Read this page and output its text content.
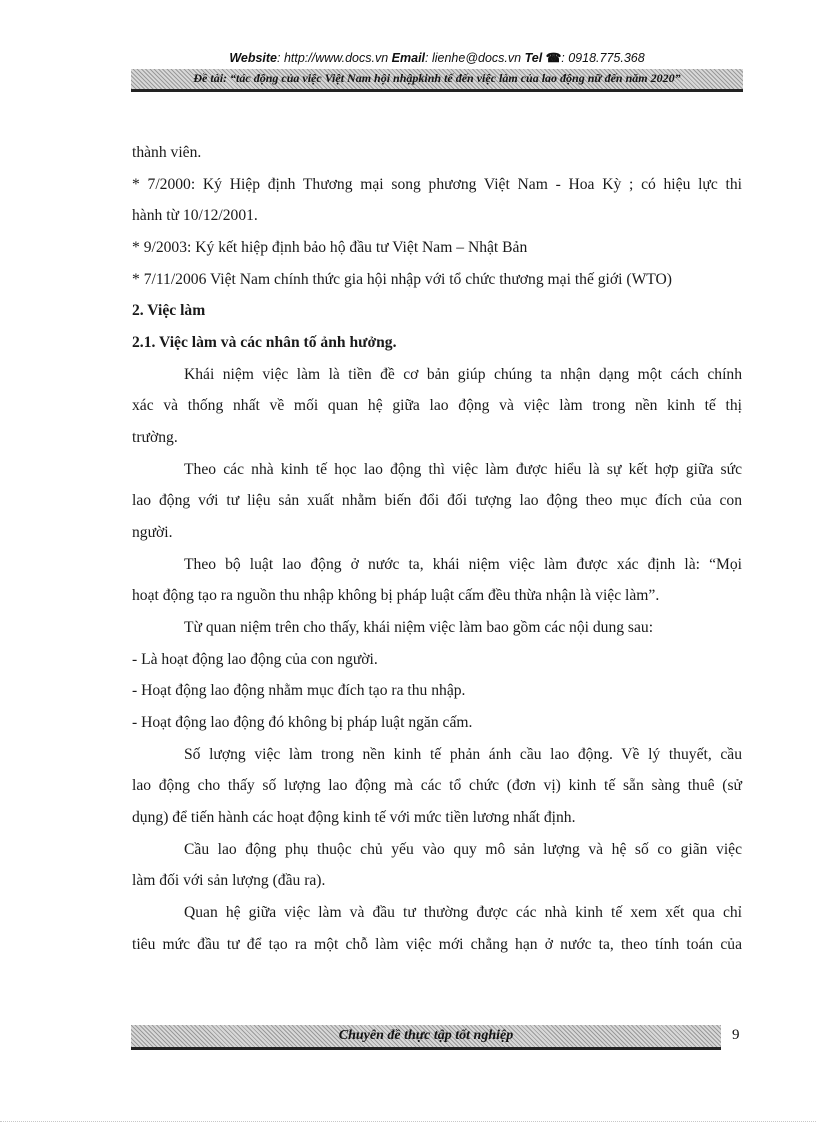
Website: http://www.docs.vn Email: lienhe@docs.vn Tel ☎: 0918.775.368
Đề tài: “tác động của việc Việt Nam hội nhậpkinh tế đến việc làm của lao động nữ đến năm 2020”
thành viên.
* 7/2000: Ký Hiệp định Thương mại song phương Việt Nam - Hoa Kỳ ; có hiệu lực thi
hành từ 10/12/2001.
* 9/2003: Ký kết hiệp định bảo hộ đầu tư Việt Nam – Nhật Bản
* 7/11/2006 Việt Nam chính thức gia hội nhập với tổ chức thương mại thế giới (WTO)
2. Việc làm
2.1. Việc làm và các nhân tố ảnh hưởng.
Khái niệm việc làm là tiền đề cơ bản giúp chúng ta nhận dạng một cách chính
xác và thống nhất về mối quan hệ giữa lao động và việc làm trong nền kinh tế thị
trường.
Theo các nhà kinh tế học lao động thì việc làm được hiểu là sự kết hợp giữa sức
lao động với tư liệu sản xuất nhằm biến đổi đối tượng lao động theo mục đích của con
người.
Theo bộ luật lao động ở nước ta, khái niệm việc làm được xác định là: “Mọi
hoạt động tạo ra nguồn thu nhập không bị pháp luật cấm đều thừa nhận là việc làm”.
Từ quan niệm trên cho thấy, khái niệm việc làm bao gồm các nội dung sau:
- Là hoạt động lao động của con người.
- Hoạt động lao động nhằm mục đích tạo ra thu nhập.
- Hoạt động lao động đó không bị pháp luật ngăn cấm.
Số lượng việc làm trong nền kinh tế phản ánh cầu lao động. Về lý thuyết, cầu
lao động cho thấy số lượng lao động mà các tổ chức (đơn vị) kinh tế sẵn sàng thuê (sử
dụng) để tiến hành các hoạt động kinh tế với mức tiền lương nhất định.
Cầu lao động phụ thuộc chủ yếu vào quy mô sản lượng và hệ số co giãn việc
làm đối với sản lượng (đầu ra).
Quan hệ giữa việc làm và đầu tư thường được các nhà kinh tế xem xết qua chỉ
tiêu mức đầu tư để tạo ra một chỗ làm việc mới chẳng hạn ở nước ta, theo tính toán của
Chuyên đề thực tập tốt nghiệp	9
